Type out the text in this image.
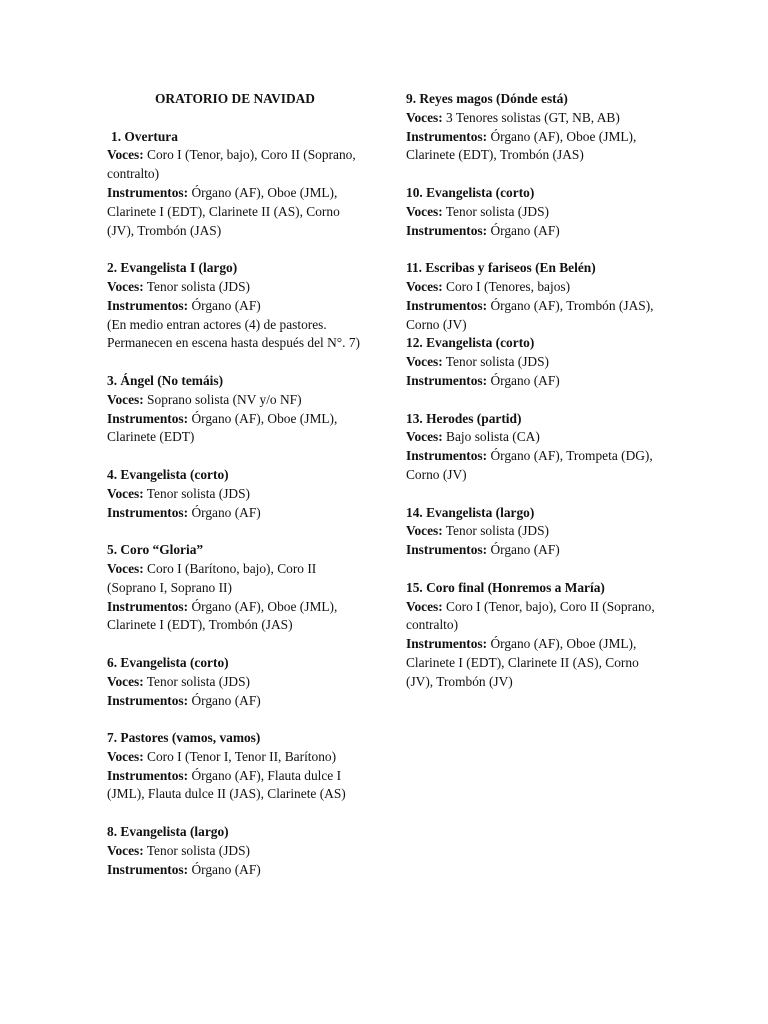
ORATORIO DE NAVIDAD

1. Overtura

Voces: Coro I (Tenor, bajo), Coro II (Soprano, contralto)

Instrumentos: Órgano (AF), Oboe (JML), Clarinete I (EDT), Clarinete II (AS), Corno (JV), Trombón (JAS)

2. Evangelista I (largo)

Voces: Tenor solista (JDS)

Instrumentos: Órgano (AF)

(En medio entran actores (4) de pastores. Permanecen en escena hasta después del N°. 7)

3. Ángel (No temáis)

Voces: Soprano solista (NV y/o NF)

Instrumentos: Órgano (AF), Oboe (JML), Clarinete (EDT)

4. Evangelista (corto)

Voces: Tenor solista (JDS)

Instrumentos: Órgano (AF)

5. Coro “Gloria”

Voces: Coro I (Barítono, bajo), Coro II (Soprano I, Soprano II)

Instrumentos: Órgano (AF), Oboe (JML), Clarinete I (EDT), Trombón (JAS)

6. Evangelista (corto)

Voces: Tenor solista (JDS)

Instrumentos: Órgano (AF)

7. Pastores (vamos, vamos)

Voces: Coro I (Tenor I, Tenor II, Barítono)

Instrumentos: Órgano (AF), Flauta dulce I (JML), Flauta dulce II (JAS), Clarinete (AS)

8. Evangelista (largo)

Voces: Tenor solista (JDS)

Instrumentos: Órgano (AF)

9. Reyes magos (Dónde está)

Voces: 3 Tenores solistas (GT, NB, AB)

Instrumentos: Órgano (AF), Oboe (JML), Clarinete (EDT), Trombón (JAS)

10. Evangelista (corto)

Voces: Tenor solista (JDS)

Instrumentos: Órgano (AF)

11. Escribas y fariseos (En Belén)

Voces: Coro I (Tenores, bajos)

Instrumentos: Órgano (AF), Trombón (JAS), Corno (JV)

12. Evangelista (corto)

Voces: Tenor solista (JDS)

Instrumentos: Órgano (AF)

13. Herodes (partid)

Voces: Bajo solista (CA)

Instrumentos: Órgano (AF), Trompeta (DG), Corno (JV)

14. Evangelista (largo)

Voces: Tenor solista (JDS)

Instrumentos: Órgano (AF)

15. Coro final (Honremos a María)

Voces: Coro I (Tenor, bajo), Coro II (Soprano, contralto)

Instrumentos: Órgano (AF), Oboe (JML), Clarinete I (EDT), Clarinete II (AS), Corno (JV), Trombón (JV)
